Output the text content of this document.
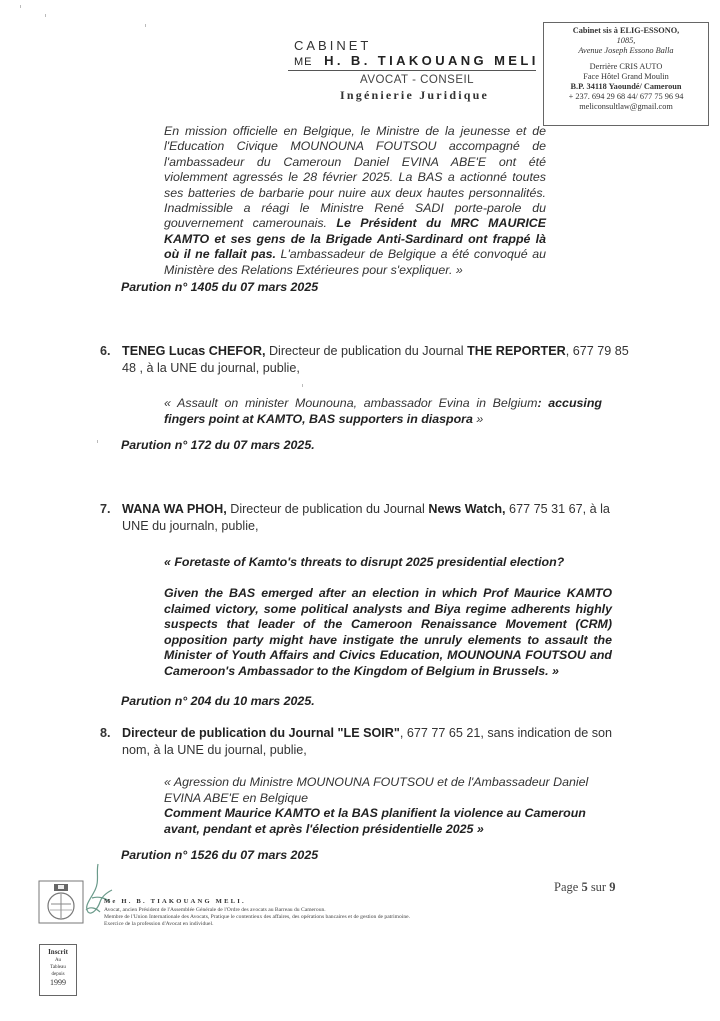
CABINET
ME H. B. TIAKOUANG MELI
AVOCAT - CONSEIL
Ingénierie Juridique
Cabinet sis à ELIG-ESSONO,
1085,
Avenue Joseph Essono Balla
Derrière CRIS AUTO
Face Hôtel Grand Moulin
B.P. 34118 Yaoundé/ Cameroun
+ 237. 694 29 68 44/ 677 75 96 94
meliconsultlaw@gmail.com
En mission officielle en Belgique, le Ministre de la jeunesse et de l'Education Civique MOUNOUNA FOUTSOU accompagné de l'ambassadeur du Cameroun Daniel EVINA ABE'E ont été violemment agressés le 28 février 2025. La BAS a actionné toutes ses batteries de barbarie pour nuire aux deux hautes personnalités. Inadmissible a réagi le Ministre René SADI porte-parole du gouvernement camerounais. Le Président du MRC MAURICE KAMTO et ses gens de la Brigade Anti-Sardinard ont frappé là où il ne fallait pas. L'ambassadeur de Belgique a été convoqué au Ministère des Relations Extérieures pour s'expliquer. »
Parution n° 1405 du 07 mars 2025
6. TENEG Lucas CHEFOR, Directeur de publication du Journal THE REPORTER, 677 79 85 48 , à la UNE du journal, publie,
« Assault on minister Mounouna, ambassador Evina in Belgium: accusing fingers point at KAMTO, BAS supporters in diaspora »
Parution n° 172 du 07 mars 2025.
7. WANA WA PHOH, Directeur de publication du Journal News Watch, 677 75 31 67, à la UNE du journaln, publie,
« Foretaste of Kamto's threats to disrupt 2025 presidential election?
Given the BAS emerged after an election in which Prof Maurice KAMTO claimed victory, some political analysts and Biya regime adherents highly suspects that leader of the Cameroon Renaissance Movement (CRM) opposition party might have instigate the unruly elements to assault the Minister of Youth Affairs and Civics Education, MOUNOUNA FOUTSOU and Cameroon's Ambassador to the Kingdom of Belgium in Brussels. »
Parution n° 204 du 10 mars 2025.
8. Directeur de publication du Journal "LE SOIR", 677 77 65 21, sans indication de son nom, à la UNE du journal, publie,
« Agression du Ministre MOUNOUNA FOUTSOU et de l'Ambassadeur Daniel EVINA ABE'E en Belgique
Comment Maurice KAMTO et la BAS planifient la violence au Cameroun avant, pendant et après l'élection présidentielle 2025 »
Parution n° 1526 du 07 mars 2025
Me H. B. TIAKOUANG MELI.
Avocat, ancien Président de l'Assemblée Générale de l'Ordre des avocats au Barreau du Cameroun.
Membre de l'Union Internationale des Avocats, Pratique le contentieux des affaires, des opérations bancaires et de gestion de patrimoine.
Exercice de la profession d'Avocat en individuel.
Page 5 sur 9
Inscrit
Au
Tableau
depuis
1999
